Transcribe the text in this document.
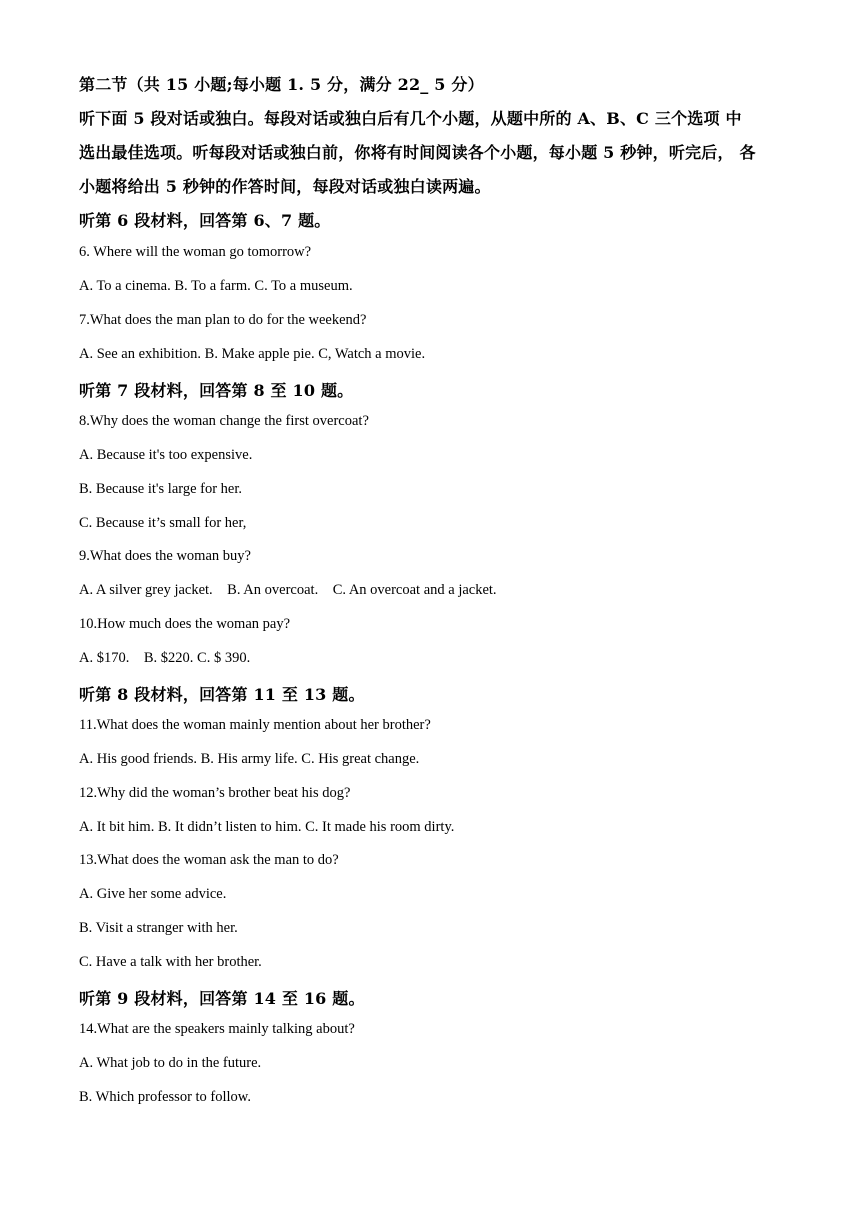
第二节（共 15 小题;每小题 1. 5 分，满分 22_ 5 分）
听下面 5 段对话或独白。每段对话或独白后有几个小题，从题中所的 A、B、C 三个选项 中
选出最佳选项。听每段对话或独白前，你将有时间阅读各个小题，每小题 5 秒钟，听完后， 各
小题将给出 5 秒钟的作答时间，每段对话或独白读两遍。
听第 6 段材料，回答第 6、7 题。
6. Where will the woman go tomorrow?
A. To a cinema. B. To a farm. C. To a museum.
7.What does the man plan to do for the weekend?
A. See an exhibition. B. Make apple pie. C, Watch a movie.
听第 7 段材料，回答第 8 至 10 题。
8.Why does the woman change the first overcoat?
A. Because it's too expensive.
B. Because it's large for her.
C. Because it’s small for her,
9.What does the woman buy?
A. A silver grey jacket.    B. An overcoat.    C. An overcoat and a jacket.
10.How much does the woman pay?
A. $170.    B. $220. C. $ 390.
听第 8 段材料，回答第 11 至 13 题。
11.What does the woman mainly mention about her brother?
A. His good friends. B. His army life. C. His great change.
12.Why did the woman’s brother beat his dog?
A. It bit him. B. It didn’t listen to him. C. It made his room dirty.
13.What does the woman ask the man to do?
A. Give her some advice.
B. Visit a stranger with her.
C. Have a talk with her brother.
听第 9 段材料，回答第 14 至 16 题。
14.What are the speakers mainly talking about?
A. What job to do in the future.
B. Which professor to follow.
